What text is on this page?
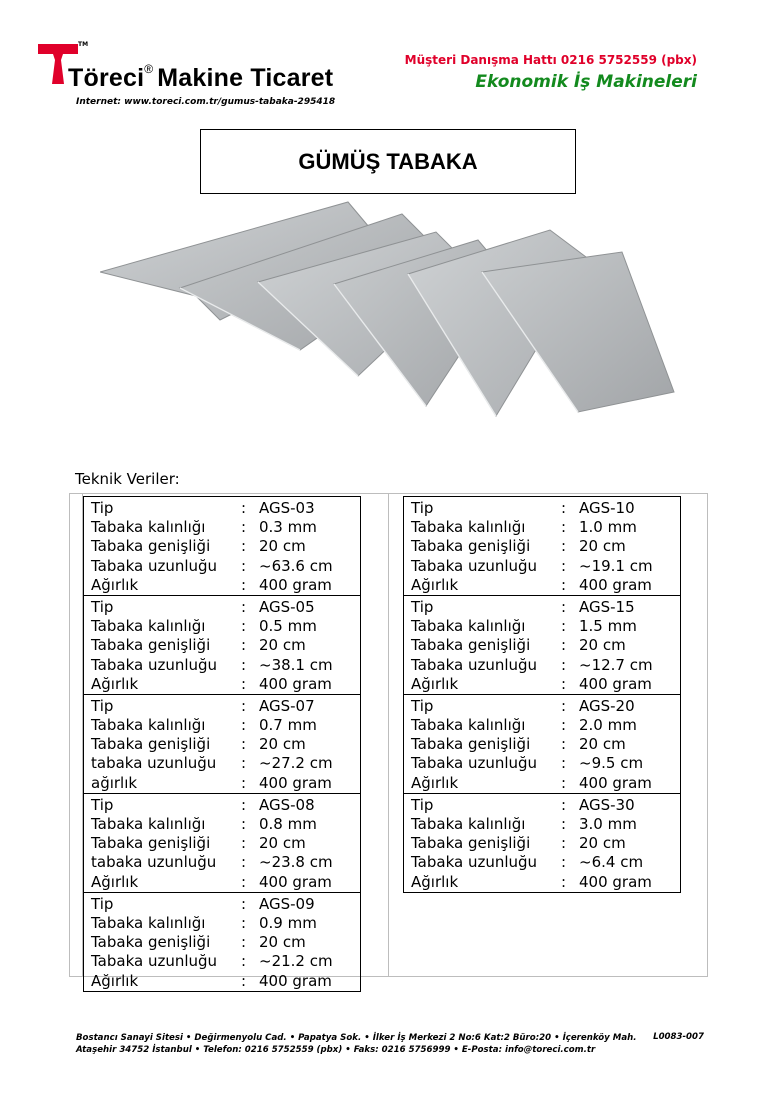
TM
Töreci® Makine Ticaret
Internet: www.toreci.com.tr/gumus-tabaka-295418
Müşteri Danışma Hattı 0216 5752559 (pbx)
Ekonomik İş Makineleri
GÜMÜŞ TABAKA
Teknik Veriler:
Tip	: AGS-03
Tabaka kalınlığı : 0.3 mm
Tabaka genişliği : 20 cm
Tabaka uzunluğu : ~63.6 cm
Ağırlık	: 400 gram
Tip	: AGS-05
Tabaka kalınlığı : 0.5 mm
Tabaka genişliği : 20 cm
Tabaka uzunluğu : ~38.1 cm
Ağırlık	: 400 gram
Tip	: AGS-07
Tabaka kalınlığı : 0.7 mm
Tabaka genişliği : 20 cm
tabaka uzunluğu : ~27.2 cm
ağırlık	: 400 gram
Tip	: AGS-08
Tabaka kalınlığı : 0.8 mm
Tabaka genişliği : 20 cm
tabaka uzunluğu : ~23.8 cm
Ağırlık	: 400 gram
Tip	: AGS-09
Tabaka kalınlığı : 0.9 mm
Tabaka genişliği : 20 cm
Tabaka uzunluğu : ~21.2 cm
Ağırlık	: 400 gram
Tip	: AGS-10
Tabaka kalınlığı : 1.0 mm
Tabaka genişliği : 20 cm
Tabaka uzunluğu : ~19.1 cm
Ağırlık	: 400 gram
Tip	: AGS-15
Tabaka kalınlığı : 1.5 mm
Tabaka genişliği : 20 cm
Tabaka uzunluğu : ~12.7 cm
Ağırlık	: 400 gram
Tip	: AGS-20
Tabaka kalınlığı : 2.0 mm
Tabaka genişliği : 20 cm
Tabaka uzunluğu : ~9.5 cm
Ağırlık	: 400 gram
Tip	: AGS-30
Tabaka kalınlığı : 3.0 mm
Tabaka genişliği : 20 cm
Tabaka uzunluğu : ~6.4 cm
Ağırlık	: 400 gram
Bostancı Sanayi Sitesi • Değirmenyolu Cad. • Papatya Sok. • İlker İş Merkezi 2 No:6 Kat:2 Büro:20 • İçerenköy Mah.
Ataşehir 34752 İstanbul • Telefon: 0216 5752559 (pbx) • Faks: 0216 5756999 • E-Posta: info@toreci.com.tr
L0083-007
